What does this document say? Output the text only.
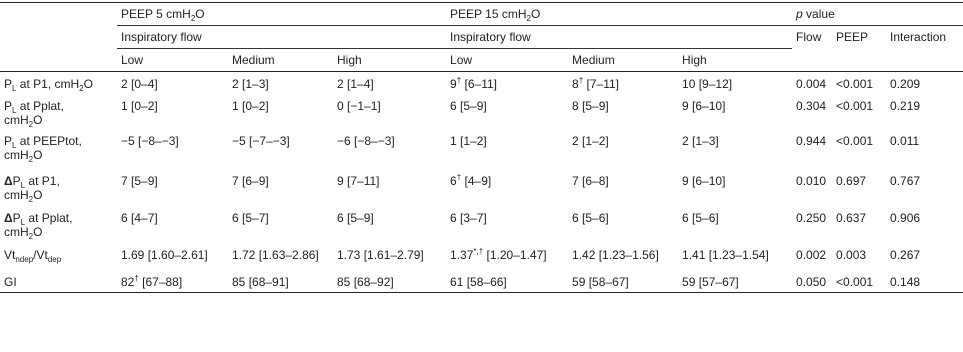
	PEEP 5 cmH$_2$O			PEEP 15 cmH$_2$O			p value		
	Inspiratory flow			Inspiratory flow			Flow	PEEP	Interaction
	Low	Medium	High	Low	Medium	High			
$P_L$ at P1, cmH$_2$O	2 [0–4]	2 [1–3]	2 [1–4]	9† [6–11]	8† [7–11]	10 [9–12]	0.004	<0.001	0.209
$P_L$ at Pplat,
cmH$_2$O	1 [0–2]	1 [0–2]	0 [−1–1]	6 [5–9]	8 [5–9]	9 [6–10]	0.304	<0.001	0.219
$P_L$ at PEEPtot,
cmH$_2$O	−5 [−8–−3]	−5 [−7–−3]	−6 [−8–−3]	1 [1–2]	2 [1–2]	2 [1–3]	0.944	<0.001	0.011
$\Delta P_L$ at P1,
cmH$_2$O	7 [5–9]	7 [6–9]	9 [7–11]	6† [4–9]	7 [6–8]	9 [6–10]	0.010	0.697	0.767
$\Delta P_L$ at Pplat,
cmH$_2$O	6 [4–7]	6 [5–7]	6 [5–9]	6 [3–7]	6 [5–6]	6 [5–6]	0.250	0.637	0.906
$Vt_{ndep}/Vt_{dep}$	1.69 [1.60–2.61]	1.72 [1.63–2.86]	1.73 [1.61–2.79]	1.37*,† [1.20–1.47]	1.42 [1.23–1.56]	1.41 [1.23–1.54]	0.002	0.003	0.267
GI	82† [67–88]	85 [68–91]	85 [68–92]	61 [58–66]	59 [58–67]	59 [57–67]	0.050	<0.001	0.148
